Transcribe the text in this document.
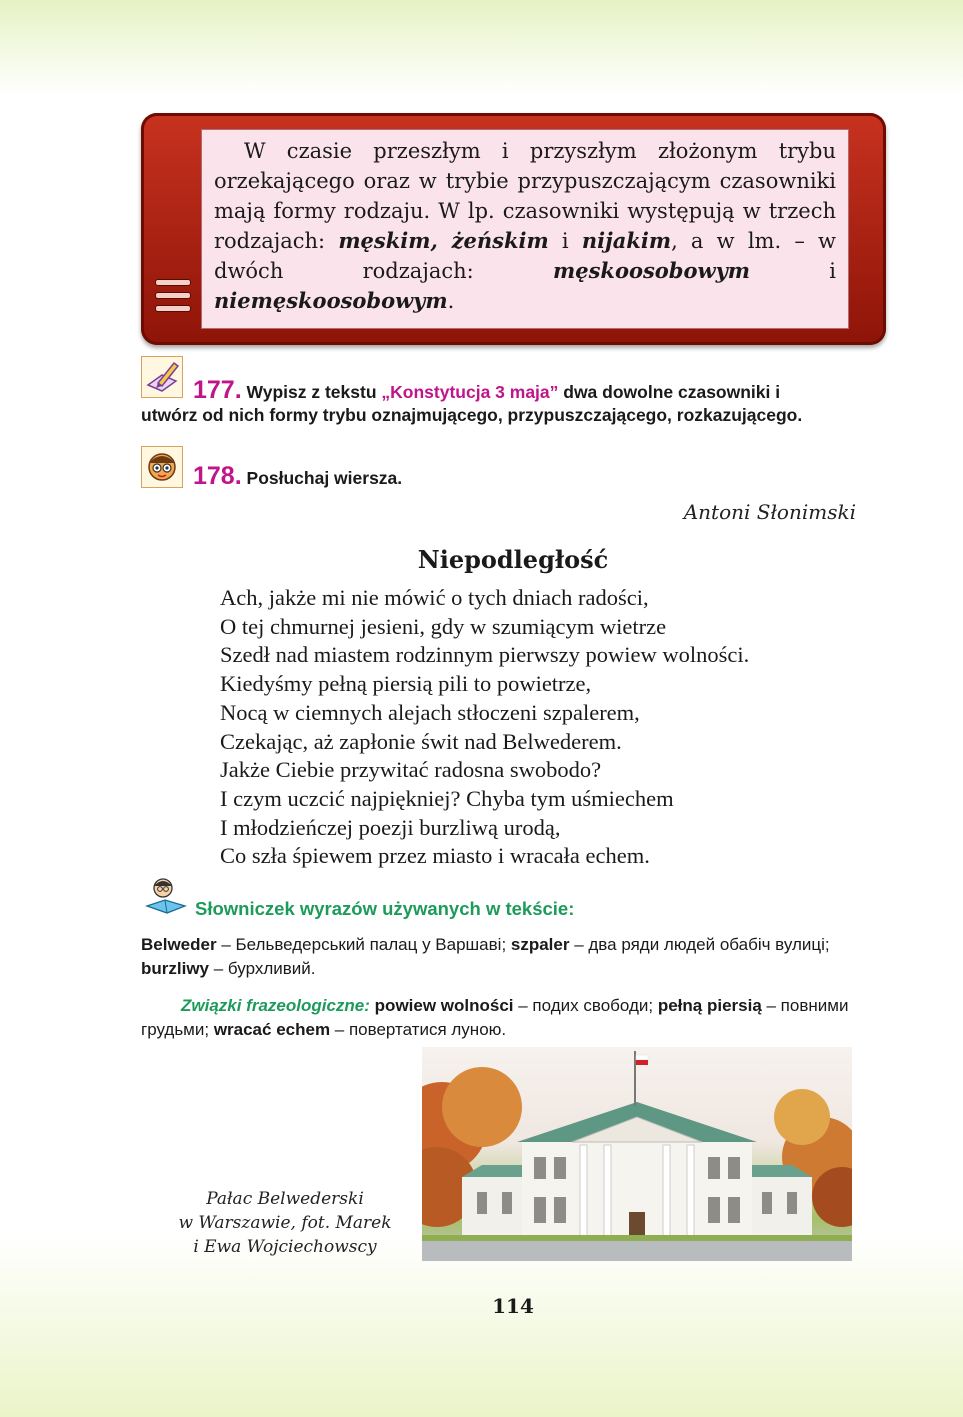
W czasie przeszłym i przyszłym złożonym trybu orzekającego oraz w trybie przypuszczającym czasowniki mają formy rodzaju. W lp. czasowniki występują w trzech rodzajach: męskim, żeńskim i nijakim, a w lm. – w dwóch rodzajach: męskoosobowym i niemęskoosobowym.
177. Wypisz z tekstu „Konstytucja 3 maja” dwa dowolne czasowniki i
utwórz od nich formy trybu oznajmującego, przypuszczającego, rozkazującego.
178. Posłuchaj wiersza.
Antoni Słonimski
Niepodległość
Ach, jakże mi nie mówić o tych dniach radości,
O tej chmurnej jesieni, gdy w szumiącym wietrze
Szedł nad miastem rodzinnym pierwszy powiew wolności.
Kiedyśmy pełną piersią pili to powietrze,
Nocą w ciemnych alejach stłoczeni szpalerem,
Czekając, aż zapłonie świt nad Belwederem.
Jakże Ciebie przywitać radosna swobodo?
I czym uczcić najpiękniej? Chyba tym uśmiechem
I młodzieńczej poezji burzliwą urodą,
Co szła śpiewem przez miasto i wracała echem.
Słowniczek wyrazów używanych w tekście:
Belweder – Бельведерський палац у Варшаві; szpaler – два ряди людей обабіч вулиці; burzliwy – бурхливий.
Związki frazeologiczne: powiew wolności – подих свободи; pełną piersią – повними грудьми; wracać echem – повертатися луною.
Pałac Belwederski
w Warszawie, fot. Marek
i Ewa Wojciechowscy
114
